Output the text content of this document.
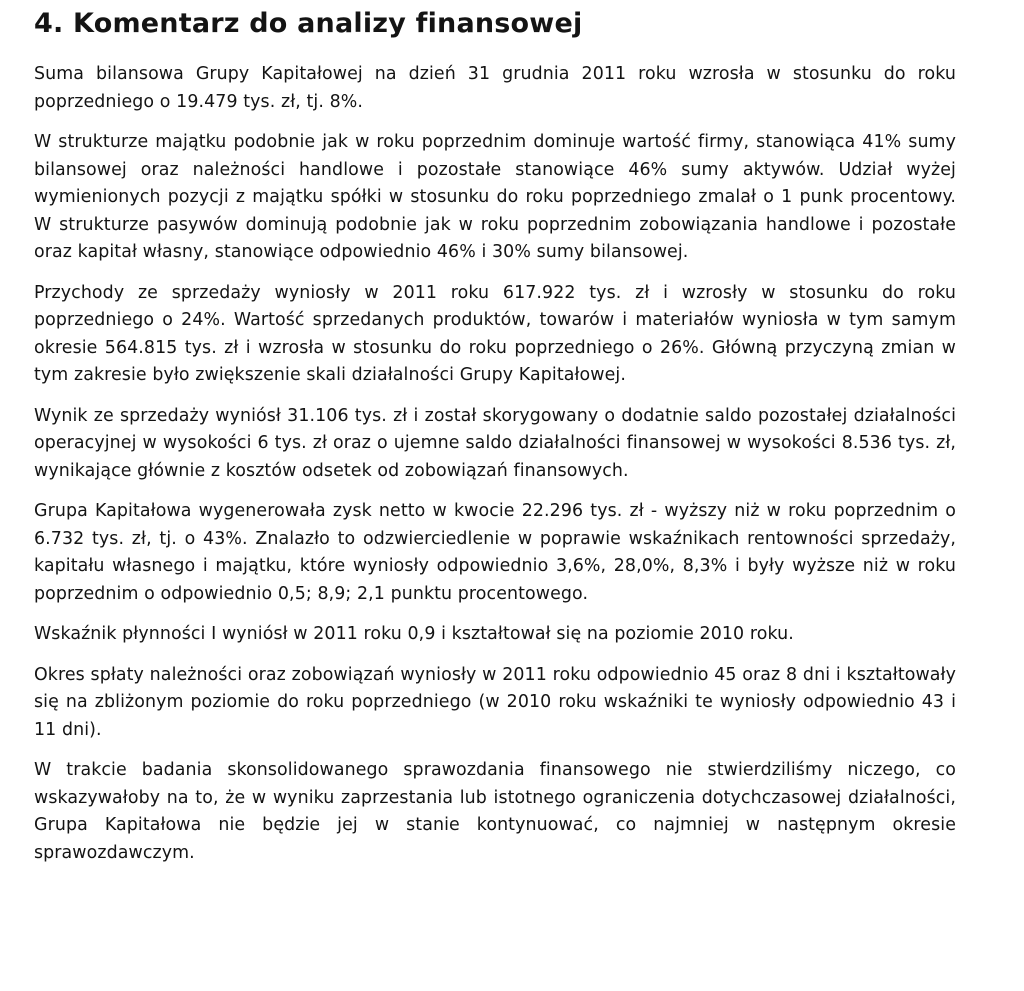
4. Komentarz do analizy finansowej

Suma bilansowa Grupy Kapitałowej na dzień 31 grudnia 2011 roku wzrosła w stosunku do roku poprzedniego o 19.479 tys. zł, tj. 8%.

W strukturze majątku podobnie jak w roku poprzednim dominuje wartość firmy, stanowiąca 41% sumy bilansowej oraz należności handlowe i pozostałe stanowiące 46% sumy aktywów. Udział wyżej wymienionych pozycji z majątku spółki w stosunku do roku poprzedniego zmalał o 1 punk procentowy. W strukturze pasywów dominują podobnie jak w roku poprzednim zobowiązania handlowe i pozostałe oraz kapitał własny, stanowiące odpowiednio 46% i 30% sumy bilansowej.

Przychody ze sprzedaży wyniosły w 2011 roku 617.922 tys. zł i wzrosły w stosunku do roku poprzedniego o 24%. Wartość sprzedanych produktów, towarów i materiałów wyniosła w tym samym okresie 564.815 tys. zł i wzrosła w stosunku do roku poprzedniego o 26%. Główną przyczyną zmian w tym zakresie było zwiększenie skali działalności Grupy Kapitałowej.

Wynik ze sprzedaży wyniósł 31.106 tys. zł i został skorygowany o dodatnie saldo pozostałej działalności operacyjnej w wysokości 6 tys. zł oraz o ujemne saldo działalności finansowej w wysokości 8.536 tys. zł, wynikające głównie z kosztów odsetek od zobowiązań finansowych.

Grupa Kapitałowa wygenerowała zysk netto w kwocie 22.296 tys. zł - wyższy niż w roku poprzednim o 6.732 tys. zł, tj. o 43%. Znalazło to odzwierciedlenie w poprawie wskaźnikach rentowności sprzedaży, kapitału własnego i majątku, które wyniosły odpowiednio 3,6%, 28,0%, 8,3% i były wyższe niż w roku poprzednim o odpowiednio 0,5; 8,9; 2,1 punktu procentowego.

Wskaźnik płynności I wyniósł w 2011 roku 0,9 i kształtował się na poziomie 2010 roku.

Okres spłaty należności oraz zobowiązań wyniosły w 2011 roku odpowiednio 45 oraz 8 dni i kształtowały się na zbliżonym poziomie do roku poprzedniego (w 2010 roku wskaźniki te wyniosły odpowiednio 43 i 11 dni).

W trakcie badania skonsolidowanego sprawozdania finansowego nie stwierdziliśmy niczego, co wskazywałoby na to, że w wyniku zaprzestania lub istotnego ograniczenia dotychczasowej działalności, Grupa Kapitałowa nie będzie jej w stanie kontynuować, co najmniej w następnym okresie sprawozdawczym.
